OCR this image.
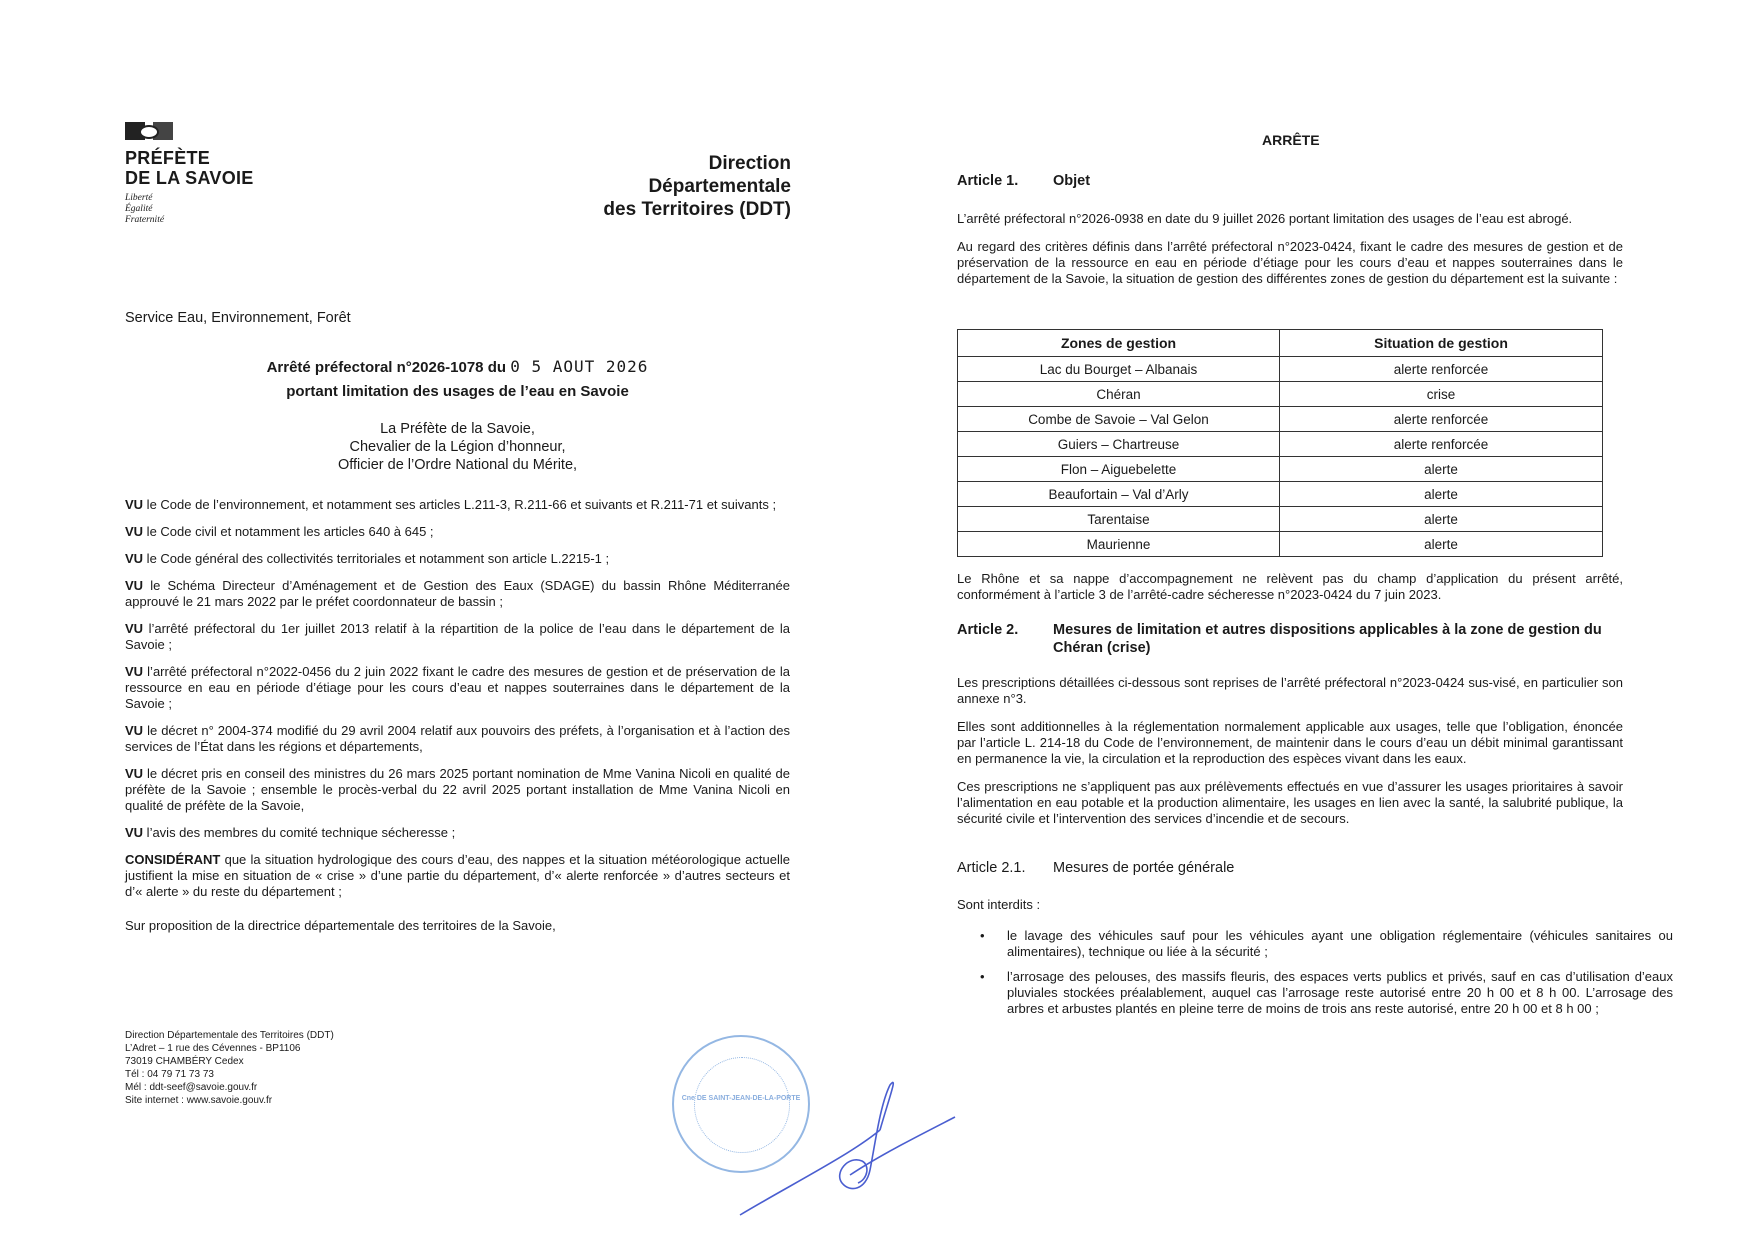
PRÉFÈTE
DE LA SAVOIE
Liberté
Égalité
Fraternité
Direction
Départementale
des Territoires (DDT)
Service Eau, Environnement, Forêt
Arrêté préfectoral n°2026-1078 du 0 5 AOUT 2026
portant limitation des usages de l’eau en Savoie
La Préfète de la Savoie,
Chevalier de la Légion d’honneur,
Officier de l’Ordre National du Mérite,

VU le Code de l’environnement, et notamment ses articles L.211-3, R.211-66 et suivants et R.211-71 et suivants ;

VU le Code civil et notamment les articles 640 à 645 ;

VU le Code général des collectivités territoriales et notamment son article L.2215-1 ;

VU le Schéma Directeur d’Aménagement et de Gestion des Eaux (SDAGE) du bassin Rhône Méditerranée approuvé le 21 mars 2022 par le préfet coordonnateur de bassin ;

VU l’arrêté préfectoral du 1er juillet 2013 relatif à la répartition de la police de l’eau dans le département de la Savoie ;

VU l’arrêté préfectoral n°2022-0456 du 2 juin 2022 fixant le cadre des mesures de gestion et de préservation de la ressource en eau en période d’étiage pour les cours d’eau et nappes souterraines dans le département de la Savoie ;

VU le décret n° 2004-374 modifié du 29 avril 2004 relatif aux pouvoirs des préfets, à l’organisation et à l’action des services de l’État dans les régions et départements,

VU le décret pris en conseil des ministres du 26 mars 2025 portant nomination de Mme Vanina Nicoli en qualité de préfète de la Savoie ; ensemble le procès-verbal du 22 avril 2025 portant installation de Mme Vanina Nicoli en qualité de préfète de la Savoie,

VU l’avis des membres du comité technique sécheresse ;

CONSIDÉRANT que la situation hydrologique des cours d’eau, des nappes et la situation météorologique actuelle justifient la mise en situation de « crise » d’une partie du département, d’« alerte renforcée » d’autres secteurs et d’« alerte » du reste du département ;

Sur proposition de la directrice départementale des territoires de la Savoie,

Direction Départementale des Territoires (DDT)
L’Adret – 1 rue des Cévennes - BP1106
73019 CHAMBÉRY Cedex
Tél : 04 79 71 73 73
Mél : ddt-seef@savoie.gouv.fr
Site internet : www.savoie.gouv.fr	Cne DE SAINT-JEAN-DE-LA-PORTE
ARRÊTE
Article 1. Objet

L’arrêté préfectoral n°2026-0938 en date du 9 juillet 2026 portant limitation des usages de l’eau est abrogé.

Au regard des critères définis dans l’arrêté préfectoral n°2023-0424, fixant le cadre des mesures de gestion et de préservation de la ressource en eau en période d’étiage pour les cours d’eau et nappes souterraines dans le département de la Savoie, la situation de gestion des différentes zones de gestion du département est la suivante :

Zones de gestion	Situation de gestion
Lac du Bourget – Albanais	alerte renforcée
Chéran	crise
Combe de Savoie – Val Gelon	alerte renforcée
Guiers – Chartreuse	alerte renforcée
Flon – Aiguebelette	alerte
Beaufortain – Val d’Arly	alerte
Tarentaise	alerte
Maurienne	alerte

Le Rhône et sa nappe d’accompagnement ne relèvent pas du champ d’application du présent arrêté, conformément à l’article 3 de l’arrêté-cadre sécheresse n°2023-0424 du 7 juin 2023.

Article 2.	Mesures de limitation et autres dispositions applicables à la zone de gestion du
Chéran (crise)

Les prescriptions détaillées ci-dessous sont reprises de l’arrêté préfectoral n°2023-0424 sus-visé, en particulier son annexe n°3.

Elles sont additionnelles à la réglementation normalement applicable aux usages, telle que l’obligation, énoncée par l’article L. 214-18 du Code de l’environnement, de maintenir dans le cours d’eau un débit minimal garantissant en permanence la vie, la circulation et la reproduction des espèces vivant dans les eaux.

Ces prescriptions ne s’appliquent pas aux prélèvements effectués en vue d’assurer les usages prioritaires à savoir l’alimentation en eau potable et la production alimentaire, les usages en lien avec la santé, la salubrité publique, la sécurité civile et l’intervention des services d’incendie et de secours.

Article 2.1. Mesures de portée générale

Sont interdits :

• le lavage des véhicules sauf pour les véhicules ayant une obligation réglementaire (véhicules sanitaires ou alimentaires), technique ou liée à la sécurité ;
• l’arrosage des pelouses, des massifs fleuris, des espaces verts publics et privés, sauf en cas d’utilisation d’eaux pluviales stockées préalablement, auquel cas l’arrosage reste autorisé entre 20 h 00 et 8 h 00. L’arrosage des arbres et arbustes plantés en pleine terre de moins de trois ans reste autorisé, entre 20 h 00 et 8 h 00 ;
